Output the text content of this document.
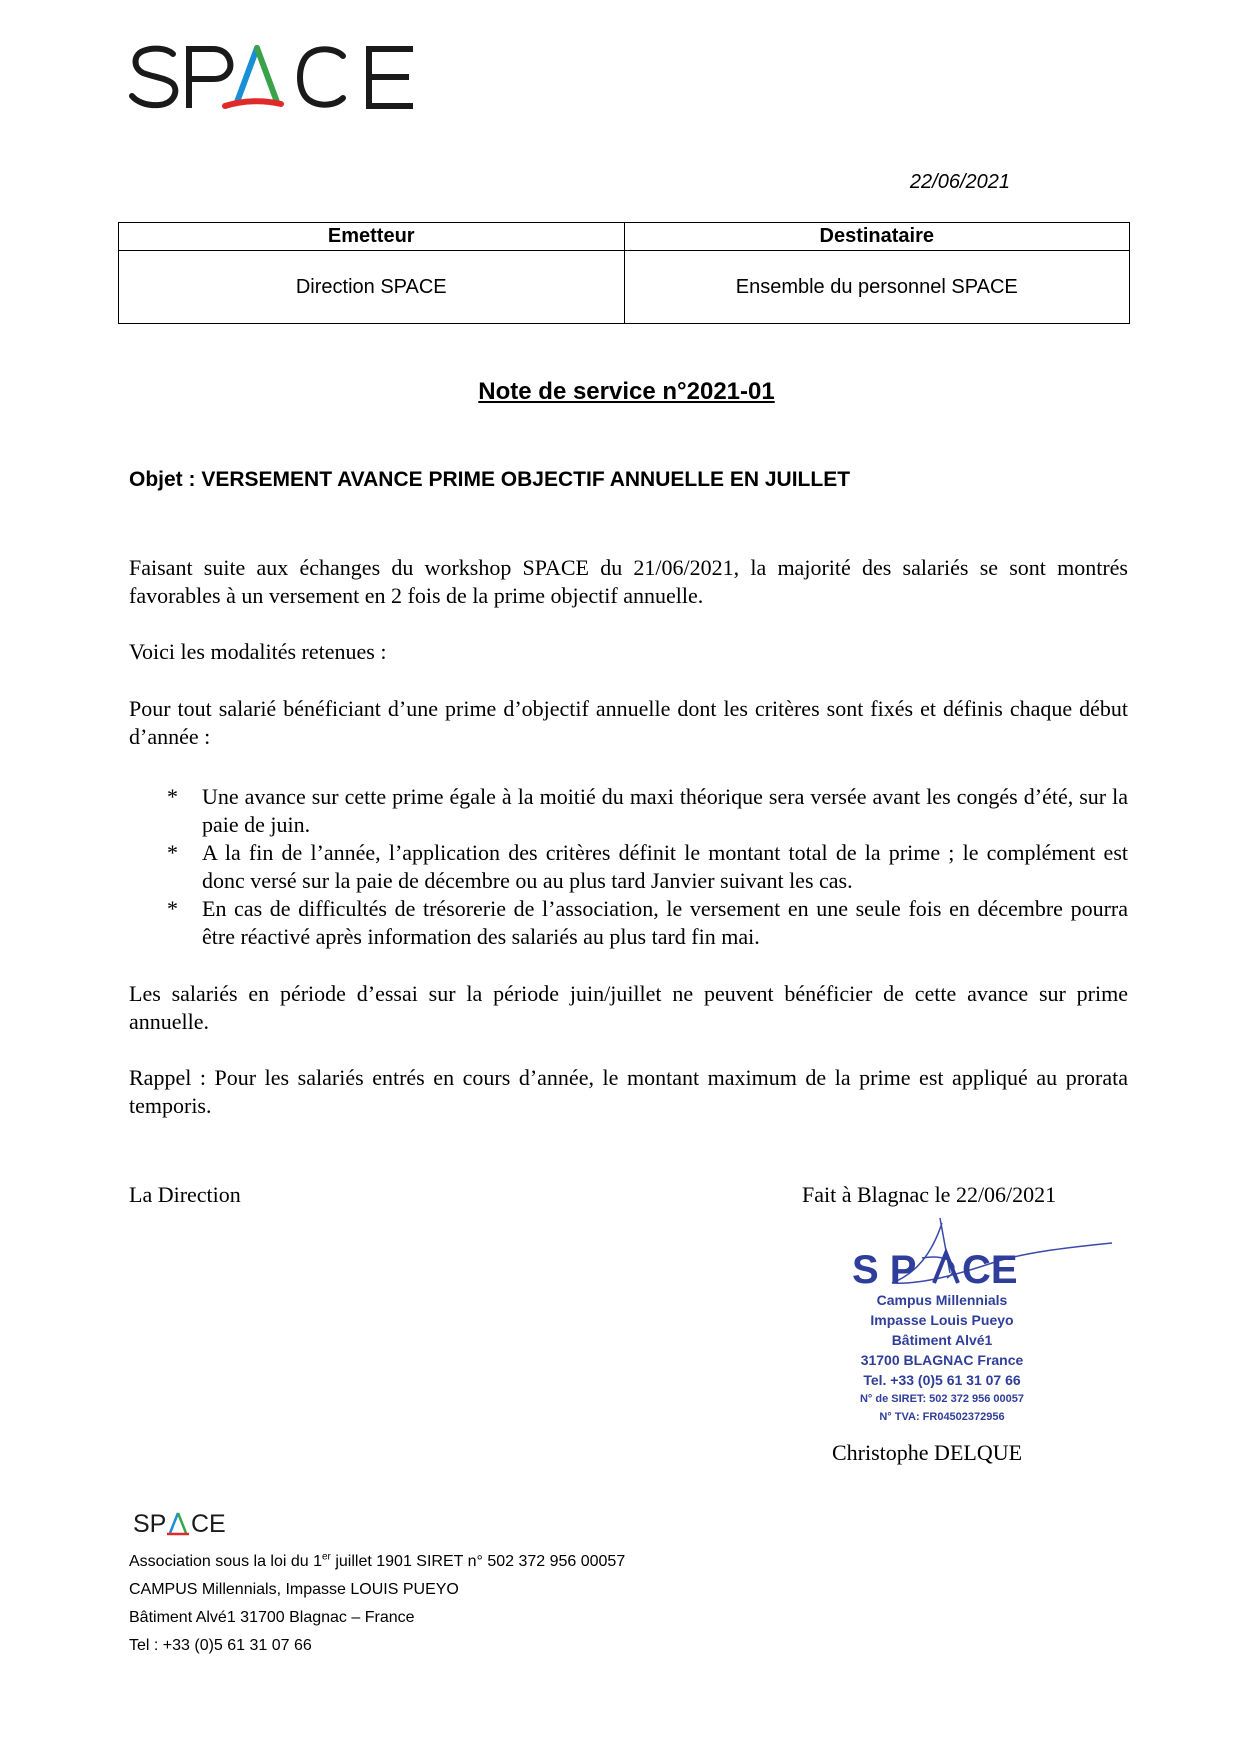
22/06/2021
Emetteur	Destinataire
Direction SPACE	Ensemble du personnel SPACE
Note de service n°2021-01
Objet : VERSEMENT AVANCE PRIME OBJECTIF ANNUELLE EN JUILLET

Faisant suite aux échanges du workshop SPACE du 21/06/2021, la majorité des salariés se sont montrés favorables à un versement en 2 fois de la prime objectif annuelle.

Voici les modalités retenues :

Pour tout salarié bénéficiant d’une prime d’objectif annuelle dont les critères sont fixés et définis chaque début d’année :

* Une avance sur cette prime égale à la moitié du maxi théorique sera versée avant les congés d’été, sur la paie de juin.
* A la fin de l’année, l’application des critères définit le montant total de la prime ; le complément est donc versé sur la paie de décembre ou au plus tard Janvier suivant les cas.
* En cas de difficultés de trésorerie de l’association, le versement en une seule fois en décembre pourra être réactivé après information des salariés au plus tard fin mai.

Les salariés en période d’essai sur la période juin/juillet ne peuvent bénéficier de cette avance sur prime annuelle.

Rappel : Pour les salariés entrés en cours d’année, le montant maximum de la prime est appliqué au prorata temporis.

La Direction	Fait à Blagnac le 22/06/2021
S P CE
Campus Millennials
Impasse Louis Pueyo
Bâtiment Alvé1
31700 BLAGNAC France
Tel. +33 (0)5 61 31 07 66
N° de SIRET: 502 372 956 00057
N° TVA: FR04502372956
Christophe DELQUE
SP CE
Association sous la loi du 1er juillet 1901 SIRET n° 502 372 956 00057
CAMPUS Millennials, Impasse LOUIS PUEYO
Bâtiment Alvé1 31700 Blagnac – France
Tel : +33 (0)5 61 31 07 66
